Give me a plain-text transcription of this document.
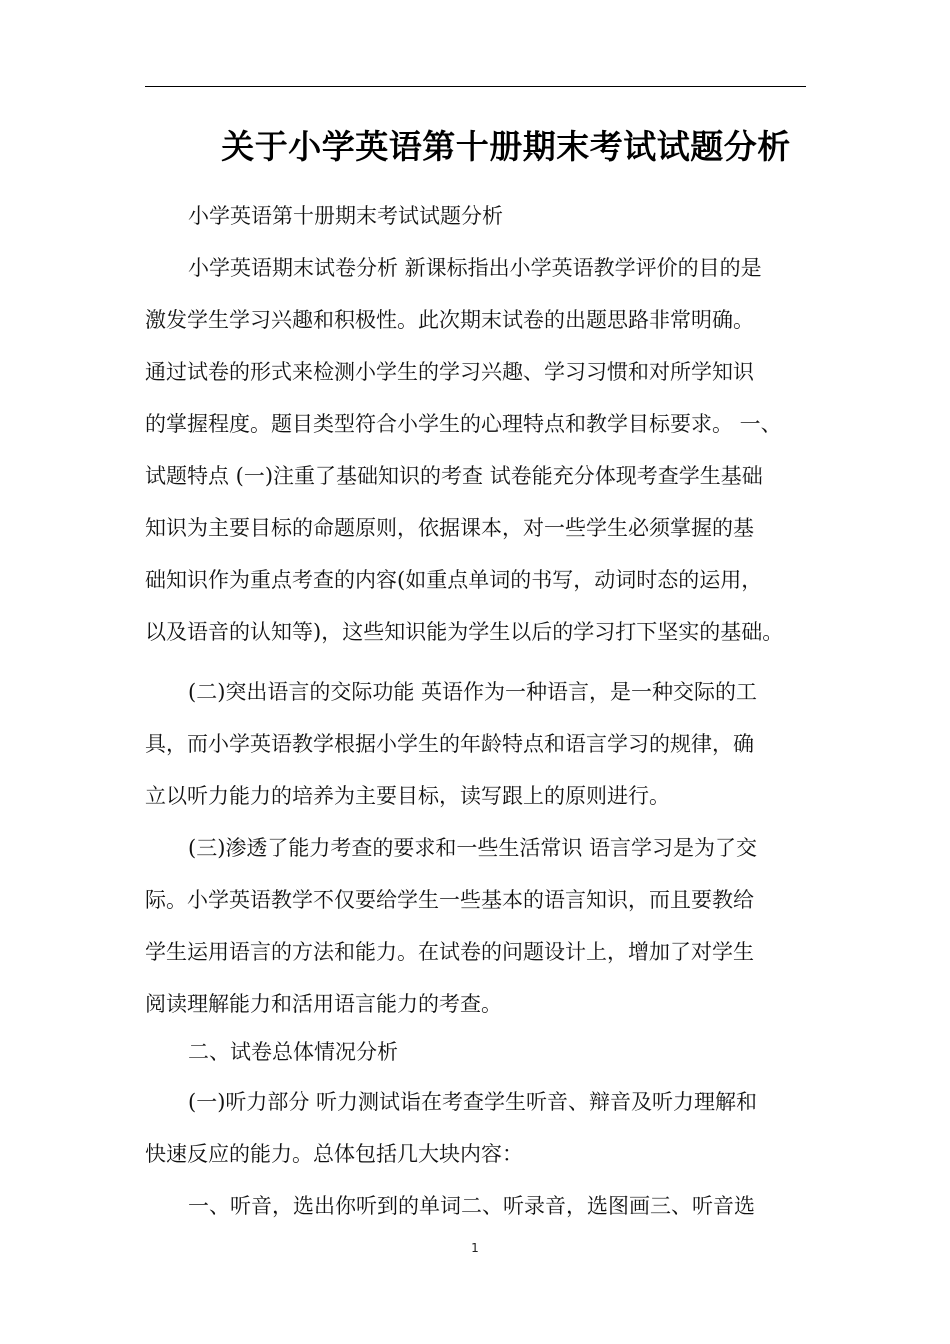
关于小学英语第十册期末考试试题分析
小学英语第十册期末考试试题分析
小学英语期末试卷分析 新课标指出小学英语教学评价的目的是
激发学生学习兴趣和积极性。此次期末试卷的出题思路非常明确。
通过试卷的形式来检测小学生的学习兴趣、学习习惯和对所学知识
的掌握程度。题目类型符合小学生的心理特点和教学目标要求。 一、
试题特点 (一)注重了基础知识的考查 试卷能充分体现考查学生基础
知识为主要目标的命题原则，依据课本，对一些学生必须掌握的基
础知识作为重点考查的内容(如重点单词的书写，动词时态的运用，
以及语音的认知等)，这些知识能为学生以后的学习打下坚实的基础。
(二)突出语言的交际功能 英语作为一种语言，是一种交际的工
具，而小学英语教学根据小学生的年龄特点和语言学习的规律，确
立以听力能力的培养为主要目标，读写跟上的原则进行。
(三)渗透了能力考查的要求和一些生活常识 语言学习是为了交
际。小学英语教学不仅要给学生一些基本的语言知识，而且要教给
学生运用语言的方法和能力。在试卷的问题设计上，增加了对学生
阅读理解能力和活用语言能力的考查。
二、试卷总体情况分析
(一)听力部分 听力测试诣在考查学生听音、辩音及听力理解和
快速反应的能力。总体包括几大块内容：
一、听音，选出你听到的单词二、听录音，选图画三、听音选
1
